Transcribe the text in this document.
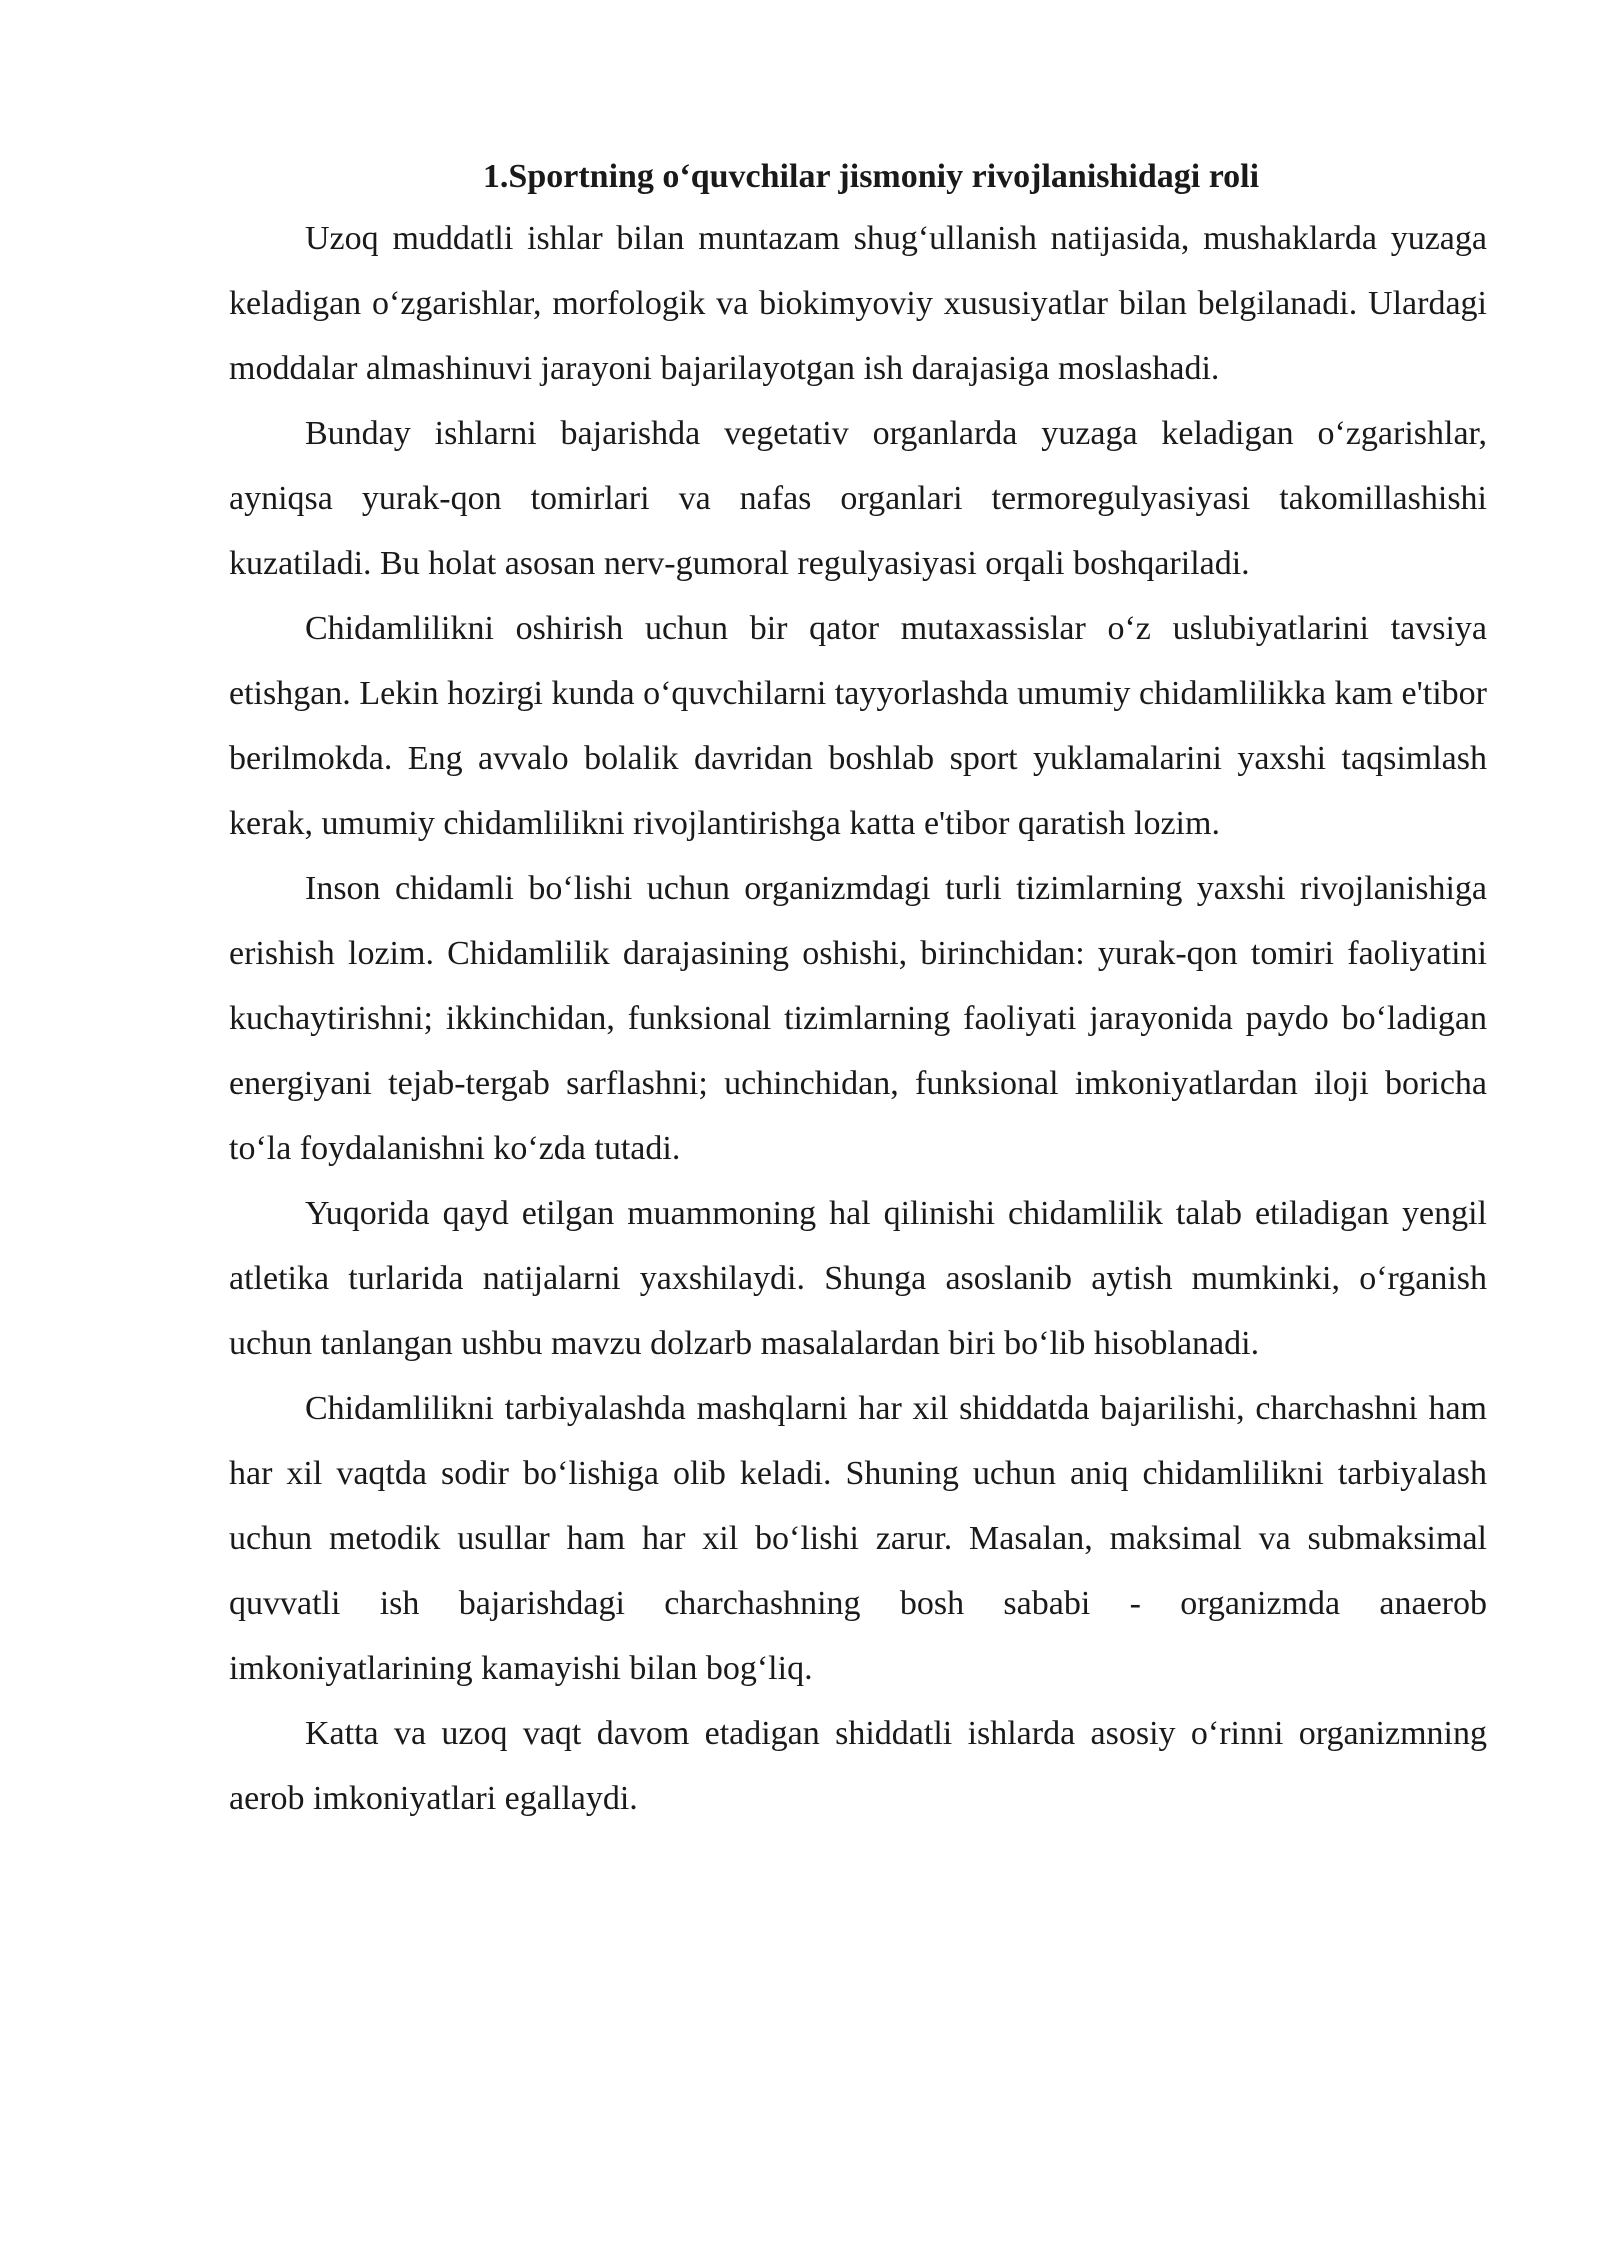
1.Sportning o‘quvchilar jismoniy rivojlanishidagi roli

Uzoq muddatli ishlar bilan muntazam shug‘ullanish natijasida, mushaklarda yuzaga keladigan o‘zgarishlar, morfologik va biokimyoviy xususiyatlar bilan belgilanadi. Ulardagi moddalar almashinuvi jarayoni bajarilayotgan ish darajasiga moslashadi.

Bunday ishlarni bajarishda vegetativ organlarda yuzaga keladigan o‘zgarishlar, ayniqsa yurak-qon tomirlari va nafas organlari termoregulyasiyasi takomillashishi kuzatiladi. Bu holat asosan nerv-gumoral regulyasiyasi orqali boshqariladi.

Chidamlilikni oshirish uchun bir qator mutaxassislar o‘z uslubiyatlarini tavsiya etishgan. Lekin hozirgi kunda o‘quvchilarni tayyorlashda umumiy chidamlilikka kam e'tibor berilmokda. Eng avvalo bolalik davridan boshlab sport yuklamalarini yaxshi taqsimlash kerak, umumiy chidamlilikni rivojlantirishga katta e'tibor qaratish lozim.

Inson chidamli bo‘lishi uchun organizmdagi turli tizimlarning yaxshi rivojlanishiga erishish lozim. Chidamlilik darajasining oshishi, birinchidan: yurak-qon tomiri faoliyatini kuchaytirishni; ikkinchidan, funksional tizimlarning faoliyati jarayonida paydo bo‘ladigan energiyani tejab-tergab sarflashni; uchinchidan, funksional imkoniyatlardan iloji boricha to‘la foydalanishni ko‘zda tutadi.

Yuqorida qayd etilgan muammoning hal qilinishi chidamlilik talab etiladigan yengil atletika turlarida natijalarni yaxshilaydi. Shunga asoslanib aytish mumkinki, o‘rganish uchun tanlangan ushbu mavzu dolzarb masalalardan biri bo‘lib hisoblanadi.

Chidamlilikni tarbiyalashda mashqlarni har xil shiddatda bajarilishi, charchashni ham har xil vaqtda sodir bo‘lishiga olib keladi. Shuning uchun aniq chidamlilikni tarbiyalash uchun metodik usullar ham har xil bo‘lishi zarur. Masalan, maksimal va submaksimal quvvatli ish bajarishdagi charchashning bosh sababi - organizmda anaerob imkoniyatlarining kamayishi bilan bog‘liq.

Katta va uzoq vaqt davom etadigan shiddatli ishlarda asosiy o‘rinni organizmning aerob imkoniyatlari egallaydi.
